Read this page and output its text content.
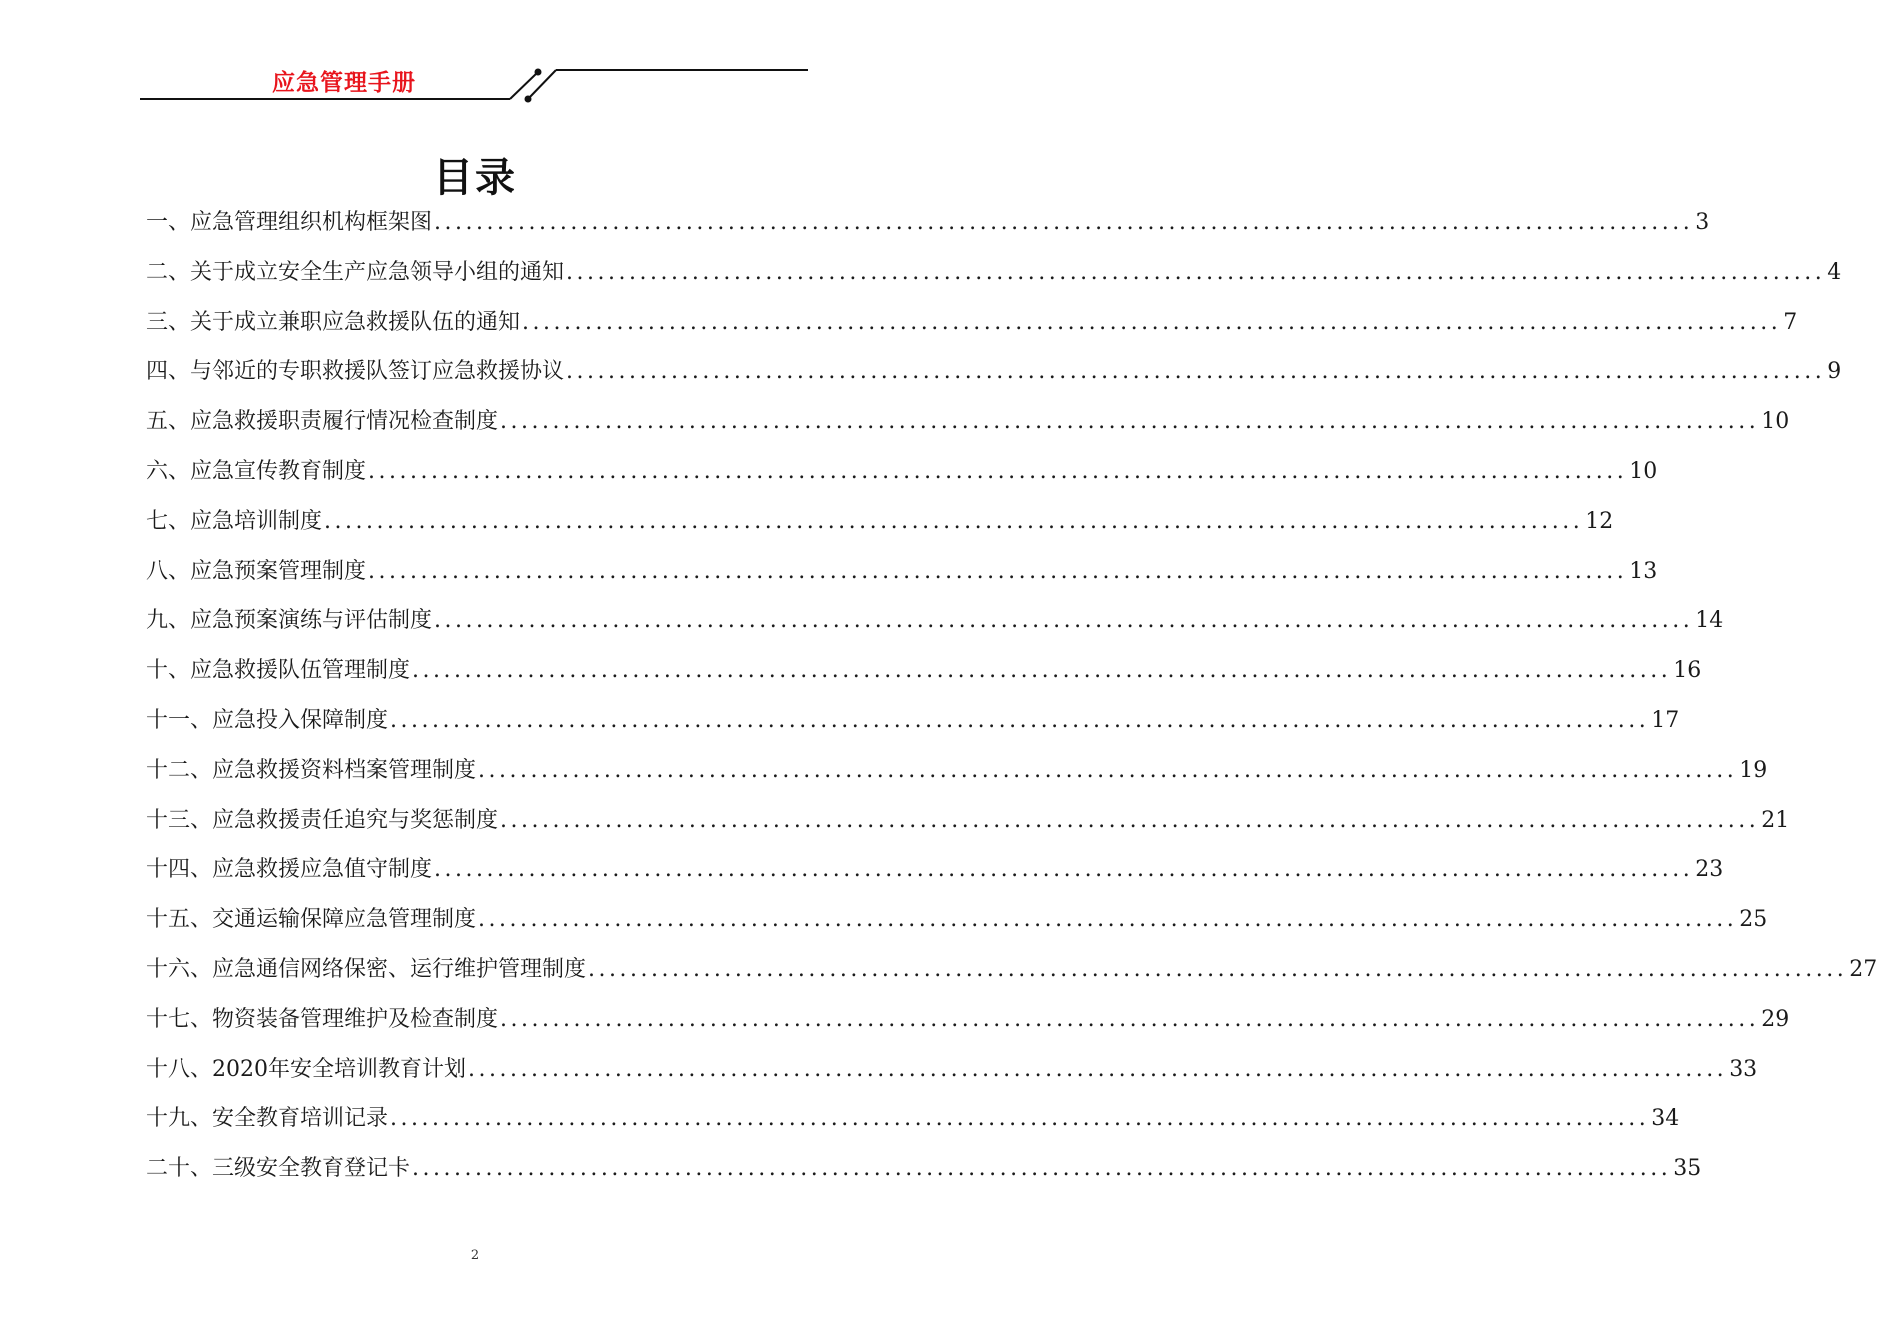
应急管理手册
目录
一、应急管理组织机构框架图 ........................................................................................................................ 3
二、关于成立安全生产应急领导小组的通知 ........................................................................................................................ 4
三、关于成立兼职应急救援队伍的通知 ........................................................................................................................ 7
四、与邻近的专职救援队签订应急救援协议 ........................................................................................................................ 9
五、应急救援职责履行情况检查制度 ........................................................................................................................ 10
六、应急宣传教育制度 ........................................................................................................................ 10
七、应急培训制度 ........................................................................................................................ 12
八、应急预案管理制度 ........................................................................................................................ 13
九、应急预案演练与评估制度 ........................................................................................................................ 14
十、应急救援队伍管理制度 ........................................................................................................................ 16
十一、应急投入保障制度 ........................................................................................................................ 17
十二、应急救援资料档案管理制度 ........................................................................................................................ 19
十三、应急救援责任追究与奖惩制度 ........................................................................................................................ 21
十四、应急救援应急值守制度 ........................................................................................................................ 23
十五、交通运输保障应急管理制度 ........................................................................................................................ 25
十六、应急通信网络保密、运行维护管理制度 ........................................................................................................................ 27
十七、物资装备管理维护及检查制度 ........................................................................................................................ 29
十八、2020年安全培训教育计划 ........................................................................................................................ 33
十九、安全教育培训记录 ........................................................................................................................ 34
二十、三级安全教育登记卡 ........................................................................................................................ 35
2
